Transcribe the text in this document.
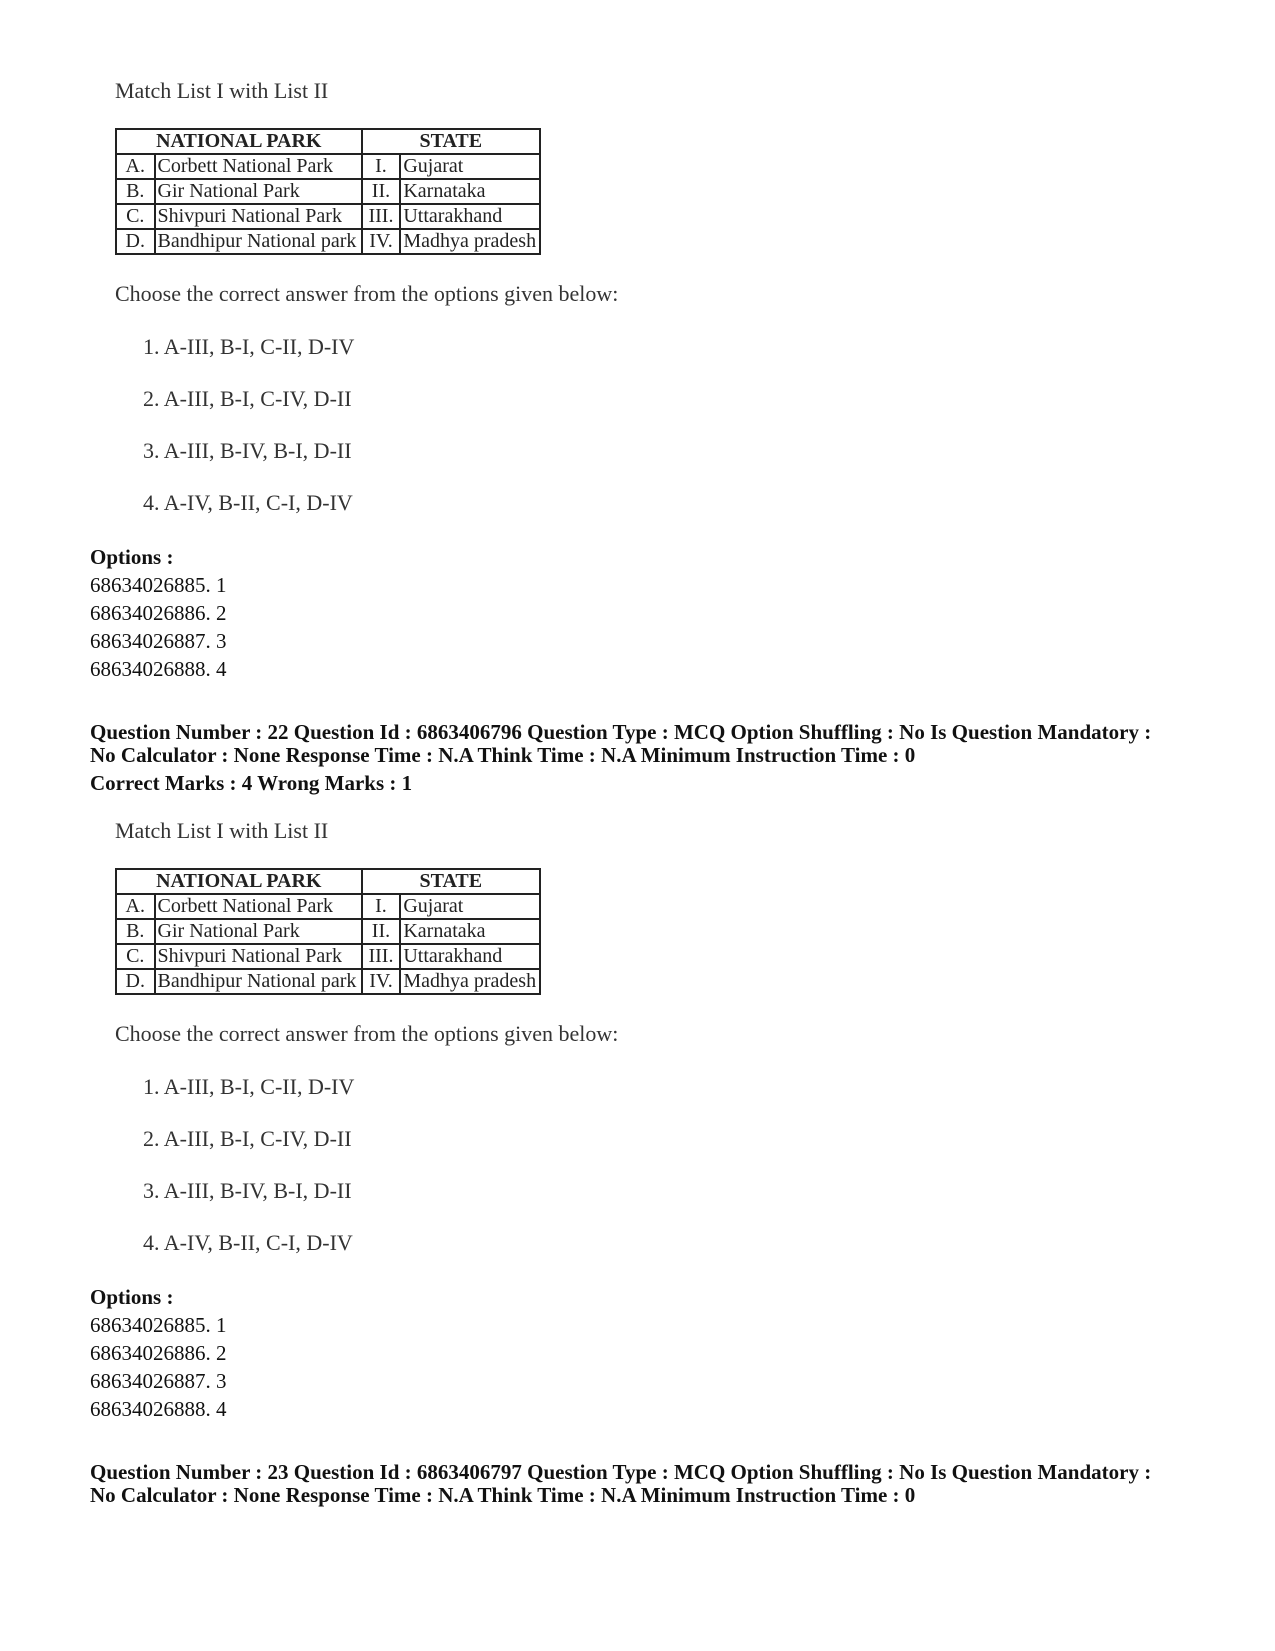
Match List I with List II
NATIONAL PARK		STATE	
A.	Corbett National Park	I.	Gujarat
B.	Gir National Park	II.	Karnataka
C.	Shivpuri National Park	III.	Uttarakhand
D.	Bandhipur National park	IV.	Madhya pradesh
Choose the correct answer from the options given below:
1. A-III, B-I, C-II, D-IV
2. A-III, B-I, C-IV, D-II
3. A-III, B-IV, B-I, D-II
4. A-IV, B-II, C-I, D-IV
Options :
68634026885. 1
68634026886. 2
68634026887. 3
68634026888. 4
Question Number : 22 Question Id : 6863406796 Question Type : MCQ Option Shuffling : No Is Question Mandatory :
No Calculator : None Response Time : N.A Think Time : N.A Minimum Instruction Time : 0
Correct Marks : 4 Wrong Marks : 1
Match List I with List II
NATIONAL PARK		STATE	
A.	Corbett National Park	I.	Gujarat
B.	Gir National Park	II.	Karnataka
C.	Shivpuri National Park	III.	Uttarakhand
D.	Bandhipur National park	IV.	Madhya pradesh
Choose the correct answer from the options given below:
1. A-III, B-I, C-II, D-IV
2. A-III, B-I, C-IV, D-II
3. A-III, B-IV, B-I, D-II
4. A-IV, B-II, C-I, D-IV
Options :
68634026885. 1
68634026886. 2
68634026887. 3
68634026888. 4
Question Number : 23 Question Id : 6863406797 Question Type : MCQ Option Shuffling : No Is Question Mandatory :
No Calculator : None Response Time : N.A Think Time : N.A Minimum Instruction Time : 0
